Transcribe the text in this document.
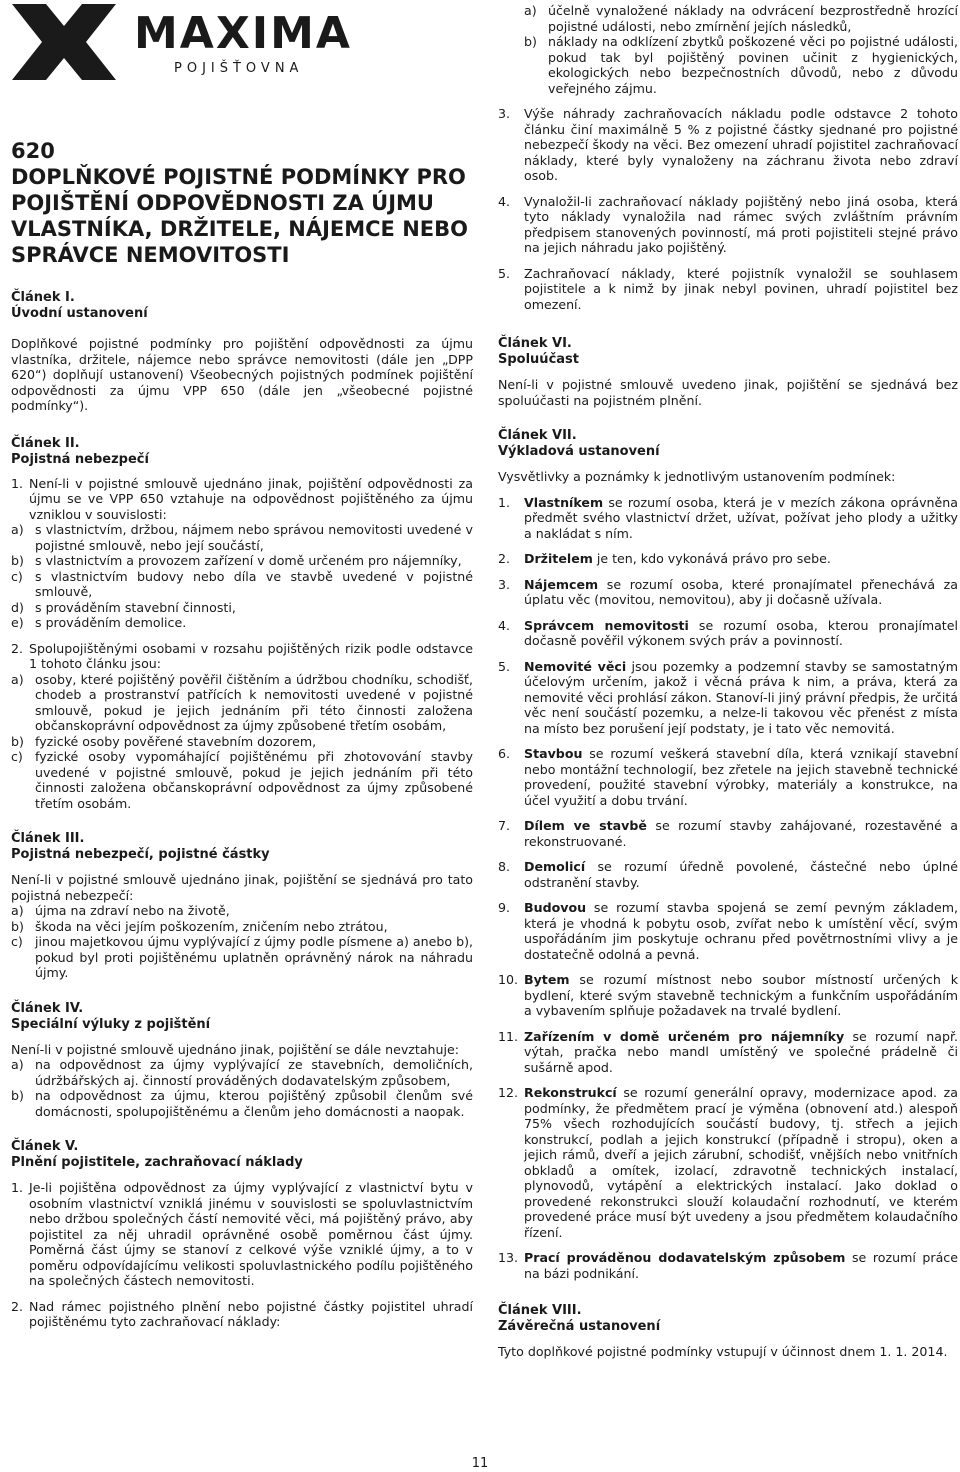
MAXIMA
POJIŠŤOVNA
620
DOPLŇKOVÉ POJISTNÉ PODMÍNKY PRO
POJIŠTĚNÍ ODPOVĚDNOSTI ZA ÚJMU
VLASTNÍKA, DRŽITELE, NÁJEMCE NEBO
SPRÁVCE NEMOVITOSTI
Článek I.
Úvodní ustanovení
Doplňkové pojistné podmínky pro pojištění odpovědnosti za újmu vlastníka, držitele, nájemce nebo správce nemovitosti (dále jen „DPP 620“) doplňují ustanovení) Všeobecných pojistných podmínek pojištění odpovědnosti za újmu VPP 650 (dále jen „všeobecné pojistné podmínky“).
Článek II.
Pojistná nebezpečí
1. Není-li v pojistné smlouvě ujednáno jinak, pojištění odpovědnosti za újmu se ve VPP 650 vztahuje na odpovědnost pojištěného za újmu vzniklou v souvislosti:
a) s vlastnictvím, držbou, nájmem nebo správou nemovitosti uvedené v pojistné smlouvě, nebo její součástí,
b) s vlastnictvím a provozem zařízení v domě určeném pro nájemníky,
c) s vlastnictvím budovy nebo díla ve stavbě uvedené v pojistné smlouvě,
d) s prováděním stavební činnosti,
e) s prováděním demolice.
2. Spolupojištěnými osobami v rozsahu pojištěných rizik podle odstavce 1 tohoto článku jsou:
a) osoby, které pojištěný pověřil čištěním a údržbou chodníku, schodišť, chodeb a prostranství patřících k nemovitosti uvedené v pojistné smlouvě, pokud je jejich jednáním při této činnosti založena občanskoprávní odpovědnost za újmy způsobené třetím osobám,
b) fyzické osoby pověřené stavebním dozorem,
c) fyzické osoby vypomáhající pojištěnému při zhotovování stavby uvedené v pojistné smlouvě, pokud je jejich jednáním při této činnosti založena občanskoprávní odpovědnost za újmy způsobené třetím osobám.
Článek III.
Pojistná nebezpečí, pojistné částky
Není-li v pojistné smlouvě ujednáno jinak, pojištění se sjednává pro tato pojistná nebezpečí:
a) újma na zdraví nebo na životě,
b) škoda na věci jejím poškozením, zničením nebo ztrátou,
c) jinou majetkovou újmu vyplývající z újmy podle písmene a) anebo b), pokud byl proti pojištěnému uplatněn oprávněný nárok na náhradu újmy.
Článek IV.
Speciální výluky z pojištění
Není-li v pojistné smlouvě ujednáno jinak, pojištění se dále nevztahuje:
a) na odpovědnost za újmy vyplývající ze stavebních, demoličních, údržbářských aj. činností prováděných dodavatelským způsobem,
b) na odpovědnost za újmu, kterou pojištěný způsobil členům své domácnosti, spolupojištěnému a členům jeho domácnosti a naopak.
Článek V.
Plnění pojistitele, zachraňovací náklady
1. Je-li pojištěna odpovědnost za újmy vyplývající z vlastnictví bytu v osobním vlastnictví vzniklá jinému v souvislosti se spoluvlastnictvím nebo držbou společných částí nemovité věci, má pojištěný právo, aby pojistitel za něj uhradil oprávněné osobě poměrnou část újmy. Poměrná část újmy se stanoví z celkové výše vzniklé újmy, a to v poměru odpovídajícímu velikosti spoluvlastnického podílu pojištěného na společných částech nemovitosti.
2. Nad rámec pojistného plnění nebo pojistné částky pojistitel uhradí pojištěnému tyto zachraňovací náklady:
a) účelně vynaložené náklady na odvrácení bezprostředně hrozící pojistné události, nebo zmírnění jejích následků,
b) náklady na odklízení zbytků poškozené věci po pojistné události, pokud tak byl pojištěný povinen učinit z hygienických, ekologických nebo bezpečnostních důvodů, nebo z důvodu veřejného zájmu.
3.	Výše náhrady zachraňovacích nákladu podle odstavce 2 tohoto článku činí maximálně 5 % z pojistné částky sjednané pro pojistné nebezpečí škody na věci. Bez omezení uhradí pojistitel zachraňovací náklady, které byly vynaloženy na záchranu života nebo zdraví osob.
4.	Vynaložil-li zachraňovací náklady pojištěný nebo jiná osoba, která tyto náklady vynaložila nad rámec svých zvláštním právním předpisem stanovených povinností, má proti pojistiteli stejné právo na jejich náhradu jako pojištěný.
5.	Zachraňovací náklady, které pojistník vynaložil se souhlasem pojistitele a k nimž by jinak nebyl povinen, uhradí pojistitel bez omezení.
Článek VI.
Spoluúčast
Není-li v pojistné smlouvě uvedeno jinak, pojištění se sjednává bez spoluúčasti na pojistném plnění.
Článek VII.
Výkladová ustanovení
Vysvětlivky a poznámky k jednotlivým ustanovením podmínek:
1.	Vlastníkem se rozumí osoba, která je v mezích zákona oprávněna předmět svého vlastnictví držet, užívat, požívat jeho plody a užitky a nakládat s ním.
2.	Držitelem je ten, kdo vykonává právo pro sebe.
3.	Nájemcem se rozumí osoba, které pronajímatel přenechává za úplatu věc (movitou, nemovitou), aby ji dočasně užívala.
4.	Správcem nemovitosti se rozumí osoba, kterou pronajímatel dočasně pověřil výkonem svých práv a povinností.
5.	Nemovité věci jsou pozemky a podzemní stavby se samostatným účelovým určením, jakož i věcná práva k nim, a práva, která za nemovité věci prohlásí zákon. Stanoví-li jiný právní předpis, že určitá věc není součástí pozemku, a nelze-li takovou věc přenést z místa na místo bez porušení její podstaty, je i tato věc nemovitá.
6.	Stavbou se rozumí veškerá stavební díla, která vznikají stavební nebo montážní technologií, bez zřetele na jejich stavebně technické provedení, použité stavební výrobky, materiály a konstrukce, na účel využití a dobu trvání.
7.	Dílem ve stavbě se rozumí stavby zahájované, rozestavěné a rekonstruované.
8.	Demolicí se rozumí úředně povolené, částečné nebo úplné odstranění stavby.
9.	Budovou se rozumí stavba spojená se zemí pevným základem, která je vhodná k pobytu osob, zvířat nebo k umístění věcí, svým uspořádáním jim poskytuje ochranu před povětrnostními vlivy a je dostatečně odolná a pevná.
10. Bytem se rozumí místnost nebo soubor místností určených k bydlení, které svým stavebně technickým a funkčním uspořádáním a vybavením splňuje požadavek na trvalé bydlení.
11. Zařízením v domě určeném pro nájemníky se rozumí např. výtah, pračka nebo mandl umístěný ve společné prádelně či sušárně apod.
12. Rekonstrukcí se rozumí generální opravy, modernizace apod. za podmínky, že předmětem prací je výměna (obnovení atd.) alespoň 75% všech rozhodujících součástí budovy, tj. střech a jejich konstrukcí, podlah a jejich konstrukcí (případně i stropu), oken a jejich rámů, dveří a jejich zárubní, schodišť, vnějších nebo vnitřních obkladů a omítek, izolací, zdravotně technických instalací, plynovodů, vytápění a elektrických instalací. Jako doklad o provedené rekonstrukci slouží kolaudační rozhodnutí, ve kterém provedené práce musí být uvedeny a jsou předmětem kolaudačního řízení.
13. Prací prováděnou dodavatelským způsobem se rozumí práce na bázi podnikání.
Článek VIII.
Závěrečná ustanovení
Tyto doplňkové pojistné podmínky vstupují v účinnost dnem 1. 1. 2014.
11
